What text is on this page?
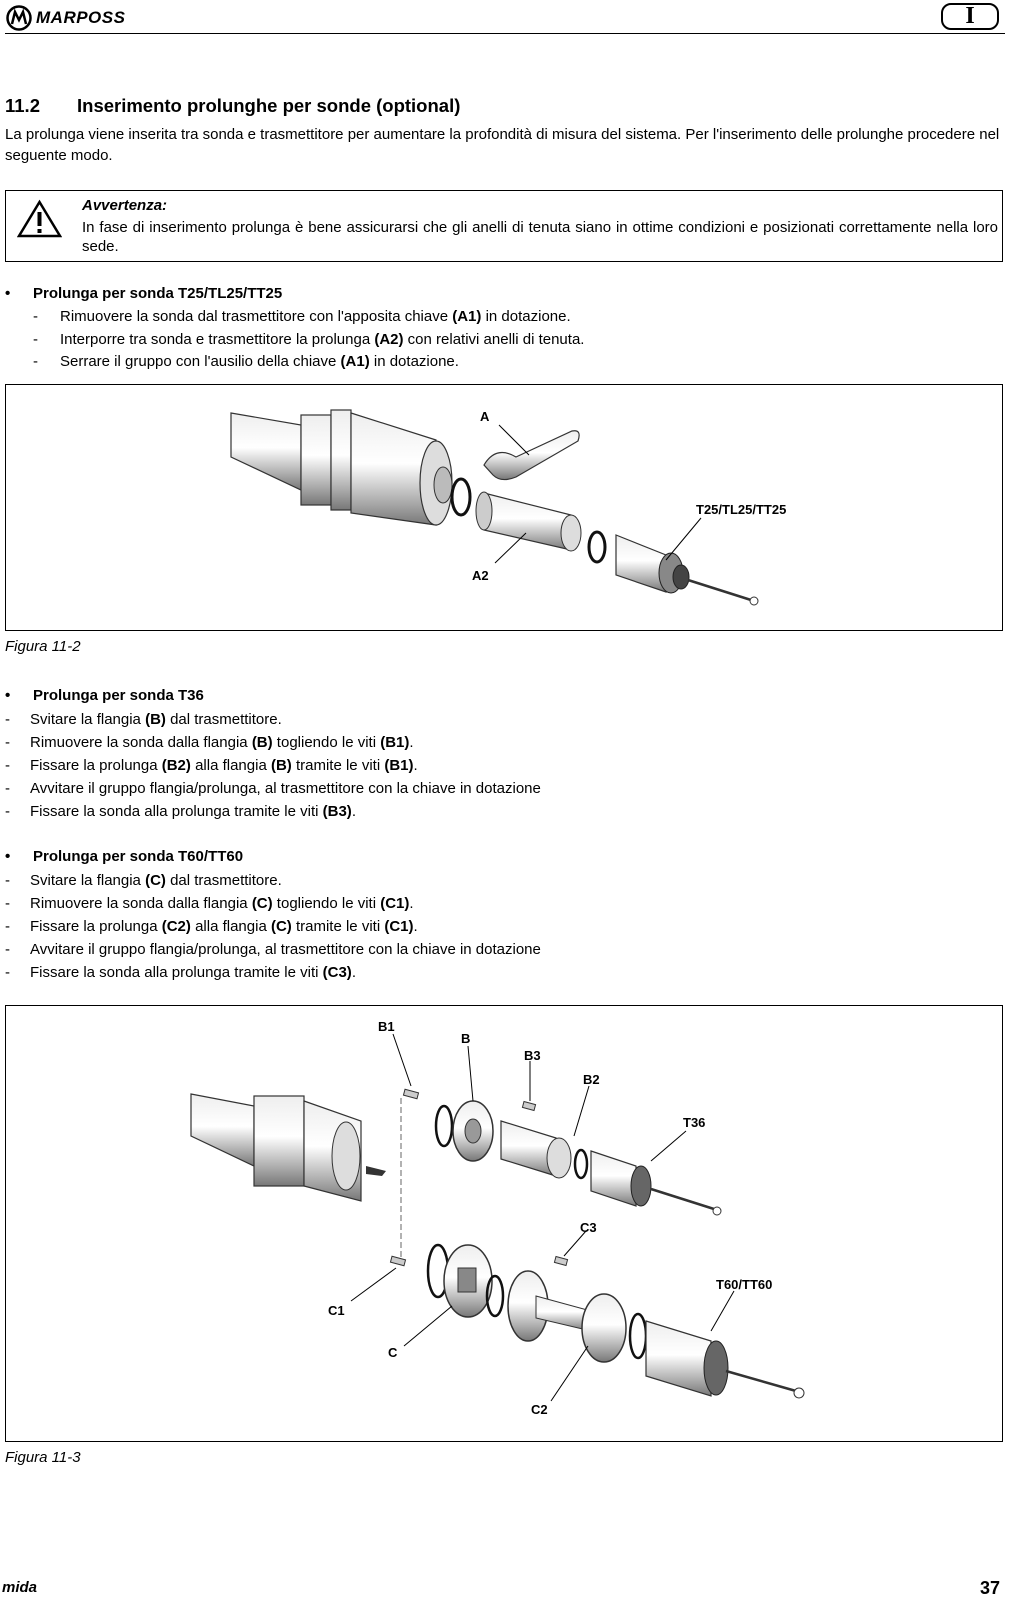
MARPOSS	I
11.2 Inserimento prolunghe per sonde (optional)
La prolunga viene inserita tra sonda e trasmettitore per aumentare la profondità di misura del sistema. Per l'inserimento delle prolunghe procedere nel seguente modo.
Avvertenza:
In fase di inserimento prolunga è bene assicurarsi che gli anelli di tenuta siano in ottime condizioni e posizionati correttamente nella loro sede.
• Prolunga per sonda T25/TL25/TT25
- Rimuovere la sonda dal trasmettitore con l'apposita chiave (A1) in dotazione.
- Interporre tra sonda e trasmettitore la prolunga (A2) con relativi anelli di tenuta.
- Serrare il gruppo con l'ausilio della chiave (A1) in dotazione.
A
A2
T25/TL25/TT25
Figura 11-2
• Prolunga per sonda T36
- Svitare la flangia (B) dal trasmettitore.
- Rimuovere la sonda dalla flangia (B) togliendo le viti (B1).
- Fissare la prolunga (B2) alla flangia (B) tramite le viti (B1).
- Avvitare il gruppo flangia/prolunga, al trasmettitore con la chiave in dotazione
- Fissare la sonda alla prolunga tramite le viti (B3).
• Prolunga per sonda T60/TT60
- Svitare la flangia (C) dal trasmettitore.
- Rimuovere la sonda dalla flangia (C) togliendo le viti (C1).
- Fissare la prolunga (C2) alla flangia (C) tramite le viti (C1).
- Avvitare il gruppo flangia/prolunga, al trasmettitore con la chiave in dotazione
- Fissare la sonda alla prolunga tramite le viti (C3).
B1
B
B3
B2
T36
C3
T60/TT60
C1
C
C2
Figura 11-3
mida	37
